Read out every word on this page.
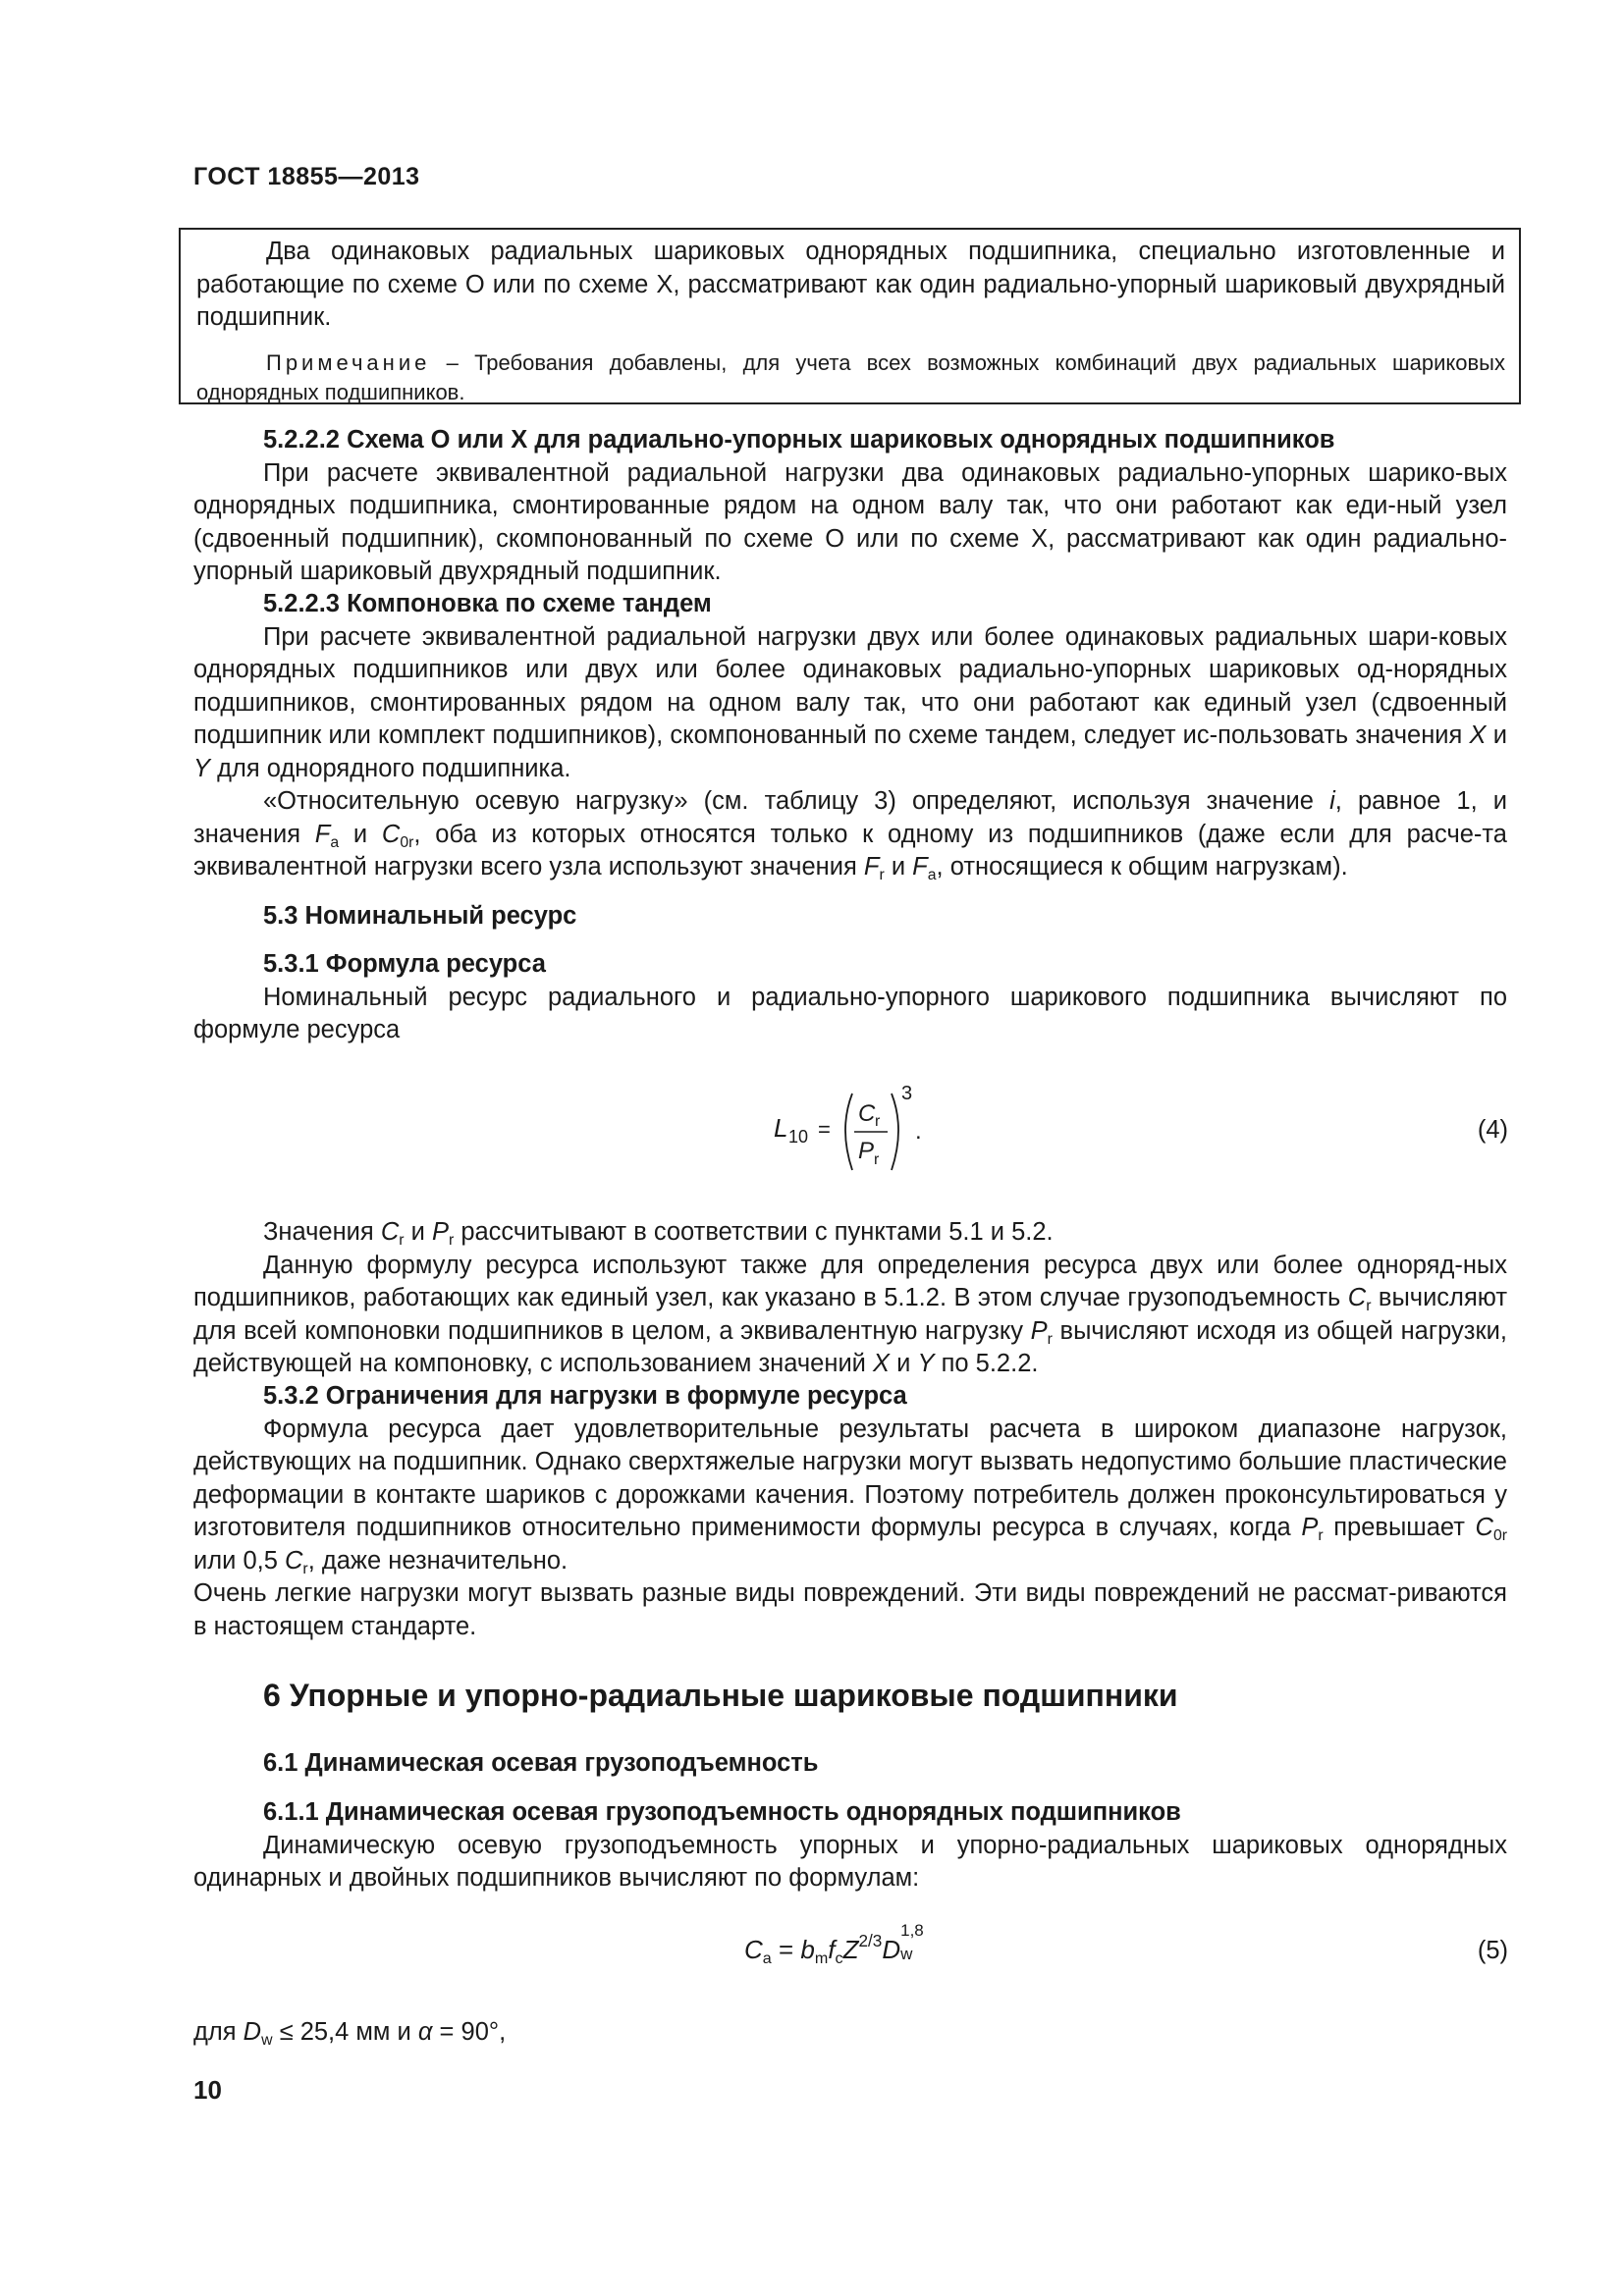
ГОСТ 18855—2013

Два одинаковых радиальных шариковых однорядных подшипника, специально изготовленные и работающие по схеме О или по схеме X, рассматривают как один радиально-упорный шариковый двухрядный подшипник.

Примечание – Требования добавлены, для учета всех возможных комбинаций двух радиальных шариковых однорядных подшипников.

5.2.2.2 Схема О или X для радиально-упорных шариковых однорядных подшипников

При расчете эквивалентной радиальной нагрузки два одинаковых радиально-упорных шарико-вых однорядных подшипника, смонтированные рядом на одном валу так, что они работают как еди-ный узел (сдвоенный подшипник), скомпонованный по схеме О или по схеме X, рассматривают как один радиально-упорный шариковый двухрядный подшипник.

5.2.2.3 Компоновка по схеме тандем

При расчете эквивалентной радиальной нагрузки двух или более одинаковых радиальных шари-ковых однорядных подшипников или двух или более одинаковых радиально-упорных шариковых од-норядных подшипников, смонтированных рядом на одном валу так, что они работают как единый узел (сдвоенный подшипник или комплект подшипников), скомпонованный по схеме тандем, следует ис-пользовать значения X и Y для однорядного подшипника.

«Относительную осевую нагрузку» (см. таблицу 3) определяют, используя значение i, равное 1, и значения $F_a$ и $C_{0r}$, оба из которых относятся только к одному из подшипников (даже если для расче-та эквивалентной нагрузки всего узла используют значения $F_r$ и $F_a$, относящиеся к общим нагрузкам).

5.3 Номинальный ресурс

5.3.1 Формула ресурса

Номинальный ресурс радиального и радиально-упорного шарикового подшипника вычисляют по формуле ресурса

L 10 =
C r
P r
3
.	(4)

Значения $C_r$ и $P_r$ рассчитывают в соответствии с пунктами 5.1 и 5.2.

Данную формулу ресурса используют также для определения ресурса двух или более одноряд-ных подшипников, работающих как единый узел, как указано в 5.1.2. В этом случае грузоподъемность $C_r$ вычисляют для всей компоновки подшипников в целом, а эквивалентную нагрузку $P_r$ вычисляют исходя из общей нагрузки, действующей на компоновку, с использованием значений X и Y по 5.2.2.

5.3.2 Ограничения для нагрузки в формуле ресурса

Формула ресурса дает удовлетворительные результаты расчета в широком диапазоне нагрузок, действующих на подшипник. Однако сверхтяжелые нагрузки могут вызвать недопустимо большие пластические деформации в контакте шариков с дорожками качения. Поэтому потребитель должен проконсультироваться у изготовителя подшипников относительно применимости формулы ресурса в случаях, когда $P_r$ превышает $C_{0r}$ или 0,5 $C_r$, даже незначительно.

Очень легкие нагрузки могут вызвать разные виды повреждений. Эти виды повреждений не рассмат-риваются в настоящем стандарте.

6 Упорные и упорно-радиальные шариковые подшипники

6.1 Динамическая осевая грузоподъемность

6.1.1 Динамическая осевая грузоподъемность однорядных подшипников

Динамическую осевую грузоподъемность упорных и упорно-радиальных шариковых однорядных одинарных и двойных подшипников вычисляют по формулам:

$C_a = b_mf_cZ^{2/3}D$
1,8
w
	(5)
для $D_w \le 25,4$ мм и α = 90°,
10
